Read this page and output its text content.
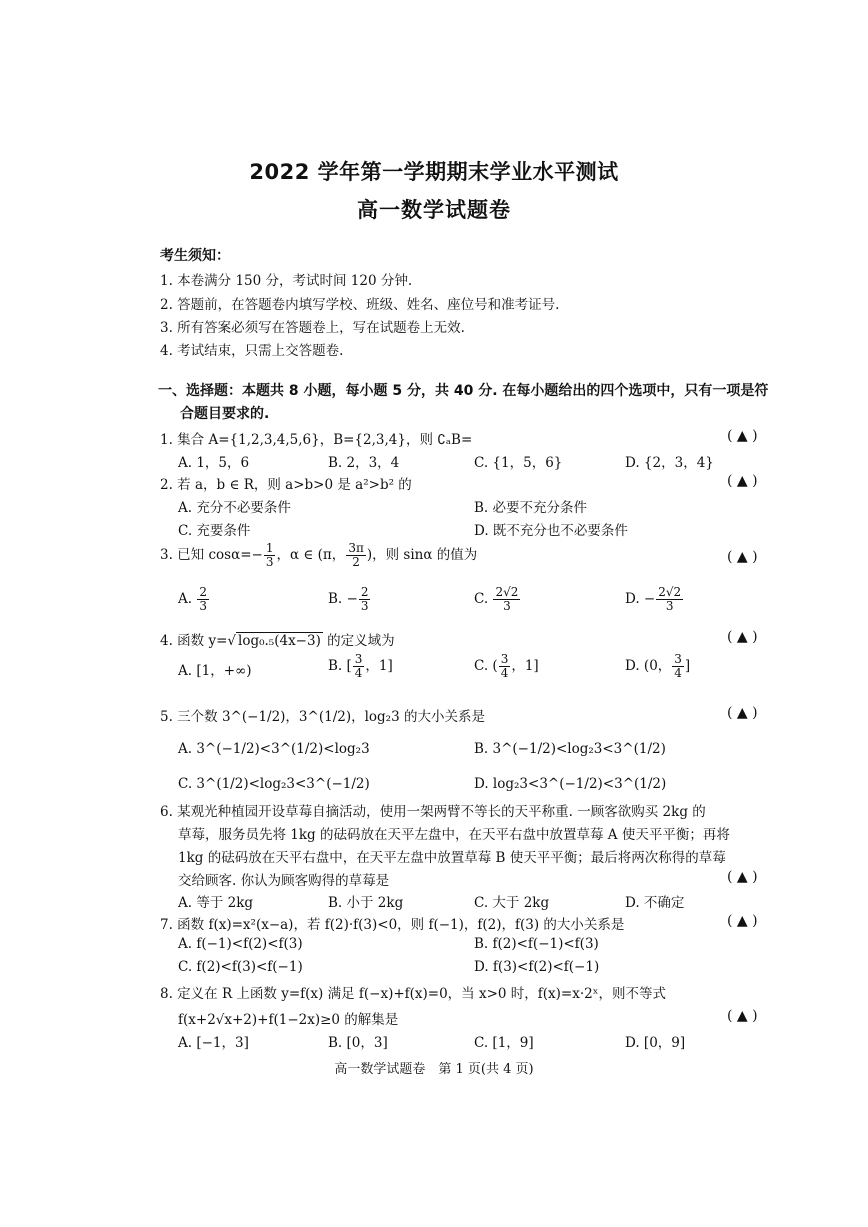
2022 学年第一学期期末学业水平测试
高一数学试题卷
考生须知：
1. 本卷满分 150 分，考试时间 120 分钟.
2. 答题前，在答题卷内填写学校、班级、姓名、座位号和准考证号.
3. 所有答案必须写在答题卷上，写在试题卷上无效.
4. 考试结束，只需上交答题卷.
一、选择题：本题共 8 小题，每小题 5 分，共 40 分. 在每小题给出的四个选项中，只有一项是符
合题目要求的.
1. 集合 A={1,2,3,4,5,6}，B={2,3,4}，则 ∁ₐB=	( ▲ )
A. 1，5，6	B. 2，3，4	C. {1，5，6}	D. {2，3，4}
2. 若 a，b ∈ R，则 a>b>0 是 a²>b² 的	( ▲ )
A. 充分不必要条件	B. 必要不充分条件
C. 充要条件	D. 既不充分也不必要条件
3. 已知 $\cos\alpha=- \frac{1}{3}$ ，α ∈ (π， $\frac{3\pi}{2}$ )，则 sinα 的值为	( ▲ )
A. $\frac{2}{3}$	B. − $\frac{2}{3}$	C. $\frac{2√2}{3}$	D. − $\frac{2√2}{3}$
4. 函数 y=√ log₀.₅(4x−3) 的定义域为	( ▲ )
A. [1，+∞)	B. [ $\frac{3}{4}$ ，1]	C. ( $\frac{3}{4}$ ，1]	D. (0， $\frac{3}{4}$ ]
5. 三个数 3^(−1/2)，3^(1/2)，log₂3 的大小关系是	( ▲ )
A. 3^(−1/2)<3^(1/2)<log₂3	B. 3^(−1/2)<log₂3<3^(1/2)
C. 3^(1/2)<log₂3<3^(−1/2)	D. log₂3<3^(−1/2)<3^(1/2)
6. 某观光种植园开设草莓自摘活动，使用一架两臂不等长的天平称重. 一顾客欲购买 2kg 的
草莓，服务员先将 1kg 的砝码放在天平左盘中，在天平右盘中放置草莓 A 使天平平衡；再将
1kg 的砝码放在天平右盘中，在天平左盘中放置草莓 B 使天平平衡；最后将两次称得的草莓
交给顾客. 你认为顾客购得的草莓是	( ▲ )
A. 等于 2kg	B. 小于 2kg	C. 大于 2kg	D. 不确定
7. 函数 f(x)=x²(x−a)，若 f(2)·f(3)<0，则 f(−1)，f(2)，f(3) 的大小关系是	( ▲ )
A. f(−1)<f(2)<f(3)	B. f(2)<f(−1)<f(3)
C. f(2)<f(3)<f(−1)	D. f(3)<f(2)<f(−1)
8. 定义在 R 上函数 y=f(x) 满足 f(−x)+f(x)=0，当 x>0 时，f(x)=x·2ˣ，则不等式
f(x+2√x+2)+f(1−2x)≥0 的解集是	( ▲ )
A. [−1，3]	B. [0，3]	C. [1，9]	D. [0，9]
高一数学试题卷　第 1 页(共 4 页)
